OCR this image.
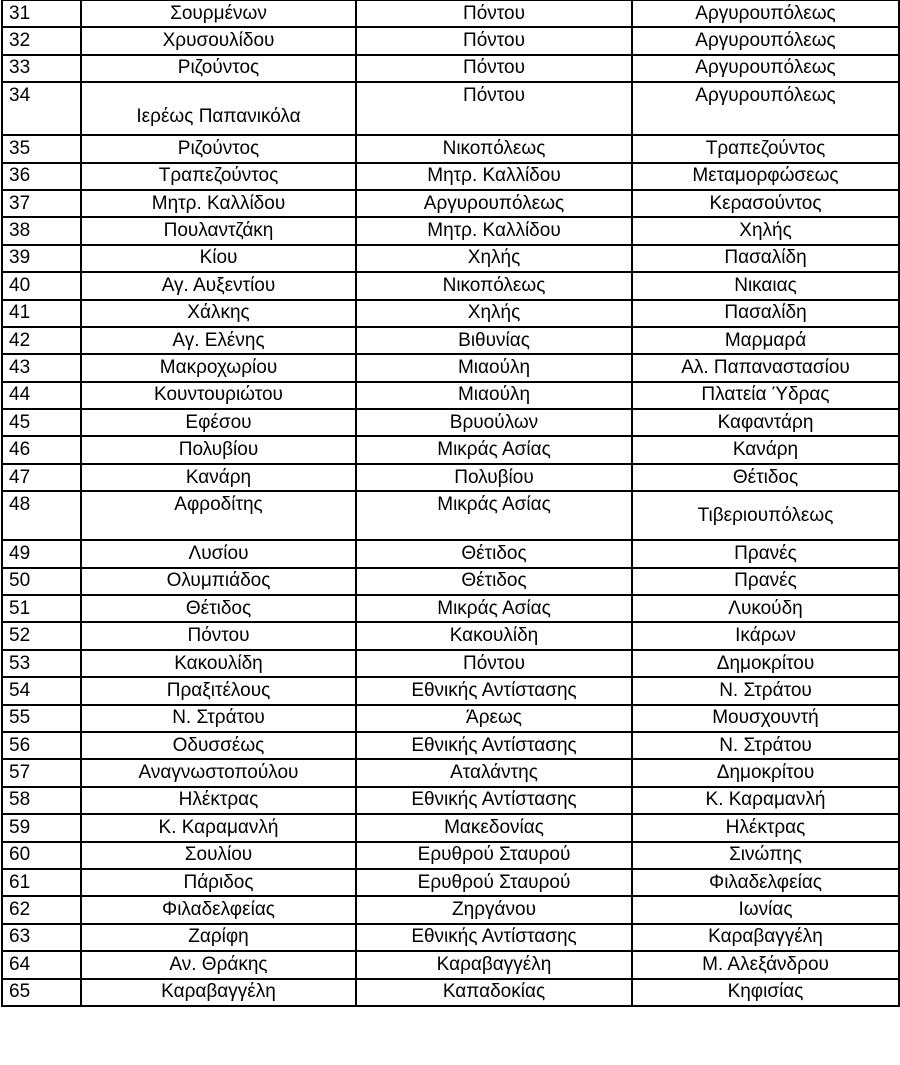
31	Σουρμένων	Πόντου	Αργυρουπόλεως
32	Χρυσουλίδου	Πόντου	Αργυρουπόλεως
33	Ριζούντος	Πόντου	Αργυρουπόλεως
34	Ιερέως Παπανικόλα	Πόντου	Αργυρουπόλεως
35	Ριζούντος	Νικοπόλεως	Τραπεζούντος
36	Τραπεζούντος	Μητρ. Καλλίδου	Μεταμορφώσεως
37	Μητρ. Καλλίδου	Αργυρουπόλεως	Κερασούντος
38	Πουλαντζάκη	Μητρ. Καλλίδου	Χηλής
39	Κίου	Χηλής	Πασαλίδη
40	Αγ. Αυξεντίου	Νικοπόλεως	Νικαιας
41	Χάλκης	Χηλής	Πασαλίδη
42	Αγ. Ελένης	Βιθυνίας	Μαρμαρά
43	Μακροχωρίου	Μιαούλη	Αλ. Παπαναστασίου
44	Κουντουριώτου	Μιαούλη	Πλατεία Ύδρας
45	Εφέσου	Βρυούλων	Καφαντάρη
46	Πολυβίου	Μικράς Ασίας	Κανάρη
47	Κανάρη	Πολυβίου	Θέτιδος
48	Αφροδίτης	Μικράς Ασίας	Τιβεριουπόλεως
49	Λυσίου	Θέτιδος	Πρανές
50	Ολυμπιάδος	Θέτιδος	Πρανές
51	Θέτιδος	Μικράς Ασίας	Λυκούδη
52	Πόντου	Κακουλίδη	Ικάρων
53	Κακουλίδη	Πόντου	Δημοκρίτου
54	Πραξιτέλους	Εθνικής Αντίστασης	Ν. Στράτου
55	Ν. Στράτου	Άρεως	Μουσχουντή
56	Οδυσσέως	Εθνικής Αντίστασης	Ν. Στράτου
57	Αναγνωστοπούλου	Αταλάντης	Δημοκρίτου
58	Ηλέκτρας	Εθνικής Αντίστασης	Κ. Καραμανλή
59	Κ. Καραμανλή	Μακεδονίας	Ηλέκτρας
60	Σουλίου	Ερυθρού Σταυρού	Σινώπης
61	Πάριδος	Ερυθρού Σταυρού	Φιλαδελφείας
62	Φιλαδελφείας	Ζηργάνου	Ιωνίας
63	Ζαρίφη	Εθνικής Αντίστασης	Καραβαγγέλη
64	Αν. Θράκης	Καραβαγγέλη	Μ. Αλεξάνδρου
65	Καραβαγγέλη	Καπαδοκίας	Κηφισίας
